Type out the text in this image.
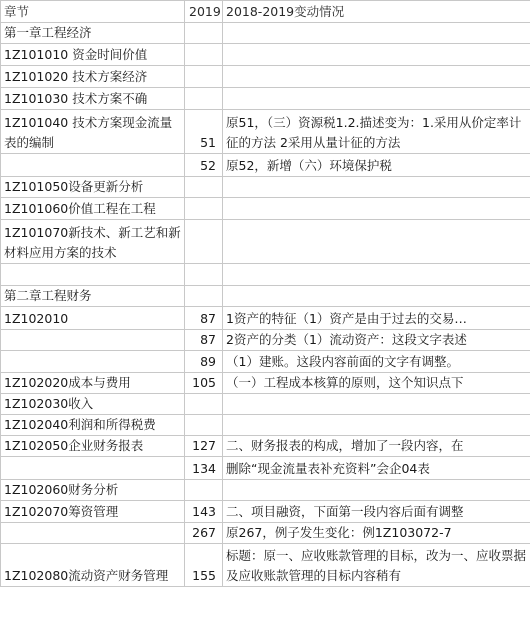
章节	2019	2018-2019变动情况
第一章工程经济		
1Z101010 资金时间价值		
1Z101020 技术方案经济		
1Z101030 技术方案不确		
1Z101040 技术方案现金流量表的编制	51	原51，（三）资源税1.2.描述变为：1.采用从价定率计征的方法 2采用从量计征的方法
	52	原52，新增（六）环境保护税
1Z101050设备更新分析		
1Z101060价值工程在工程		
1Z101070新技术、新工艺和新材料应用方案的技术		

第二章工程财务		
1Z102010	87	1资产的特征（1）资产是由于过去的交易…
	87	2资产的分类（1）流动资产：这段文字表述
	89	（1）建账。这段内容前面的文字有调整。
1Z102020成本与费用	105	（一）工程成本核算的原则，这个知识点下
1Z102030收入		
1Z102040利润和所得税费		
1Z102050企业财务报表	127	二、财务报表的构成，增加了一段内容，在
	134	删除“现金流量表补充资料”会企04表
1Z102060财务分析		
1Z102070筹资管理	143	二、项目融资，下面第一段内容后面有调整
	267	原267，例子发生变化：例1Z103072-7
1Z102080流动资产财务管理	155	标题：原一、应收账款管理的目标，改为一、应收票据及应收账款管理的目标内容稍有
